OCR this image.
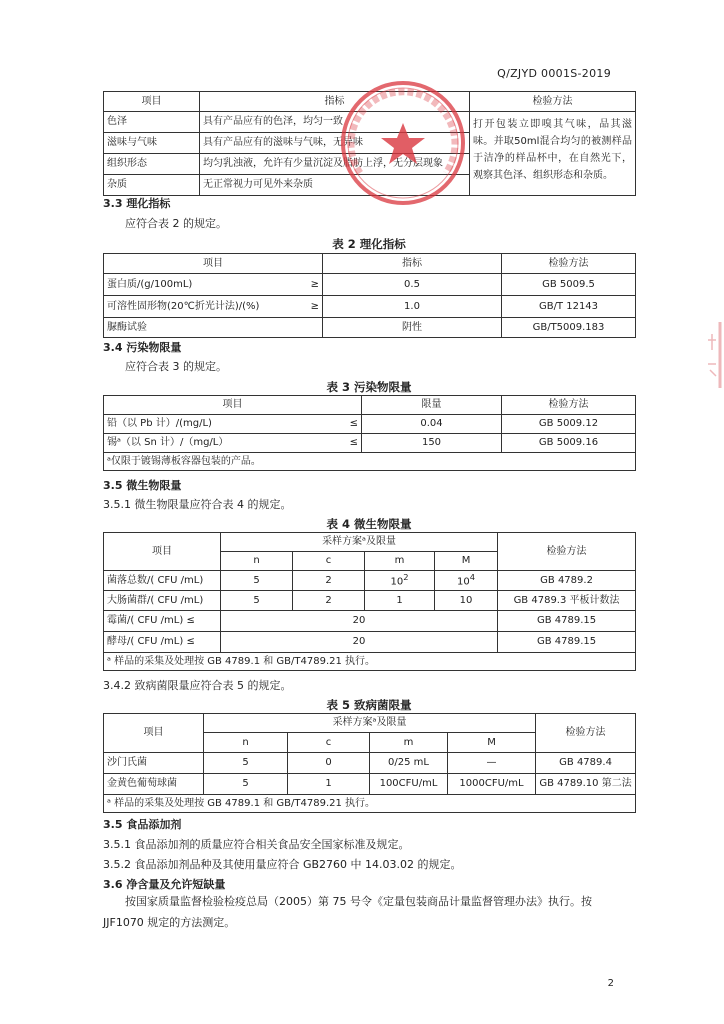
Q/ZJYD 0001S-2019
项目	指标	检验方法
色泽	具有产品应有的色泽，均匀一致	打开包装立即嗅其气味，品其滋味。并取50ml混合均匀的被测样品于洁净的样品杯中，在自然光下，观察其色泽、组织形态和杂质。
滋味与气味	具有产品应有的滋味与气味，无异味	
组织形态	均匀乳浊液，允许有少量沉淀及脂肪上浮，无分层现象	
杂质	无正常视力可见外来杂质	
3.3 理化指标
应符合表 2 的规定。
表 2 理化指标
项目		指标	检验方法
蛋白质/(g/100mL)	≥	0.5	GB 5009.5
可溶性固形物(20℃折光计法)/(%)	≥	1.0	GB/T 12143
脲酶试验		阴性	GB/T5009.183
3.4 污染物限量
应符合表 3 的规定。
表 3 污染物限量
项目		限量	检验方法
铅（以 Pb 计）/(mg/L)	≤	0.04	GB 5009.12
锡ᵃ（以 Sn 计）/（mg/L）	≤	150	GB 5009.16
ᵃ仅限于镀锡薄板容器包装的产品。			
3.5 微生物限量
3.5.1 微生物限量应符合表 4 的规定。
表 4 微生物限量
项目	采样方案ᵃ及限量				检验方法
	n	c	m	M	
菌落总数/( CFU /mL)	5	2	$10^2$	$10^4$	GB 4789.2
大肠菌群/( CFU /mL)	5	2	1	10	GB 4789.3 平板计数法
霉菌/( CFU /mL) ≤	20				GB 4789.15
酵母/( CFU /mL) ≤	20				GB 4789.15
ᵃ 样品的采集及处理按 GB 4789.1 和 GB/T4789.21 执行。					
3.4.2 致病菌限量应符合表 5 的规定。
表 5 致病菌限量
项目	采样方案ᵃ及限量				检验方法
	n	c	m	M	
沙门氏菌	5	0	0/25 mL	—	GB 4789.4
金黄色葡萄球菌	5	1	100CFU/mL	1000CFU/mL	GB 4789.10 第二法
ᵃ 样品的采集及处理按 GB 4789.1 和 GB/T4789.21 执行。					
3.5 食品添加剂
3.5.1 食品添加剂的质量应符合相关食品安全国家标准及规定。
3.5.2 食品添加剂品种及其使用量应符合 GB2760 中 14.03.02 的规定。
3.6 净含量及允许短缺量
按国家质量监督检验检疫总局（2005）第 75 号令《定量包装商品计量监督管理办法》执行。按 JJF1070 规定的方法测定。
2
